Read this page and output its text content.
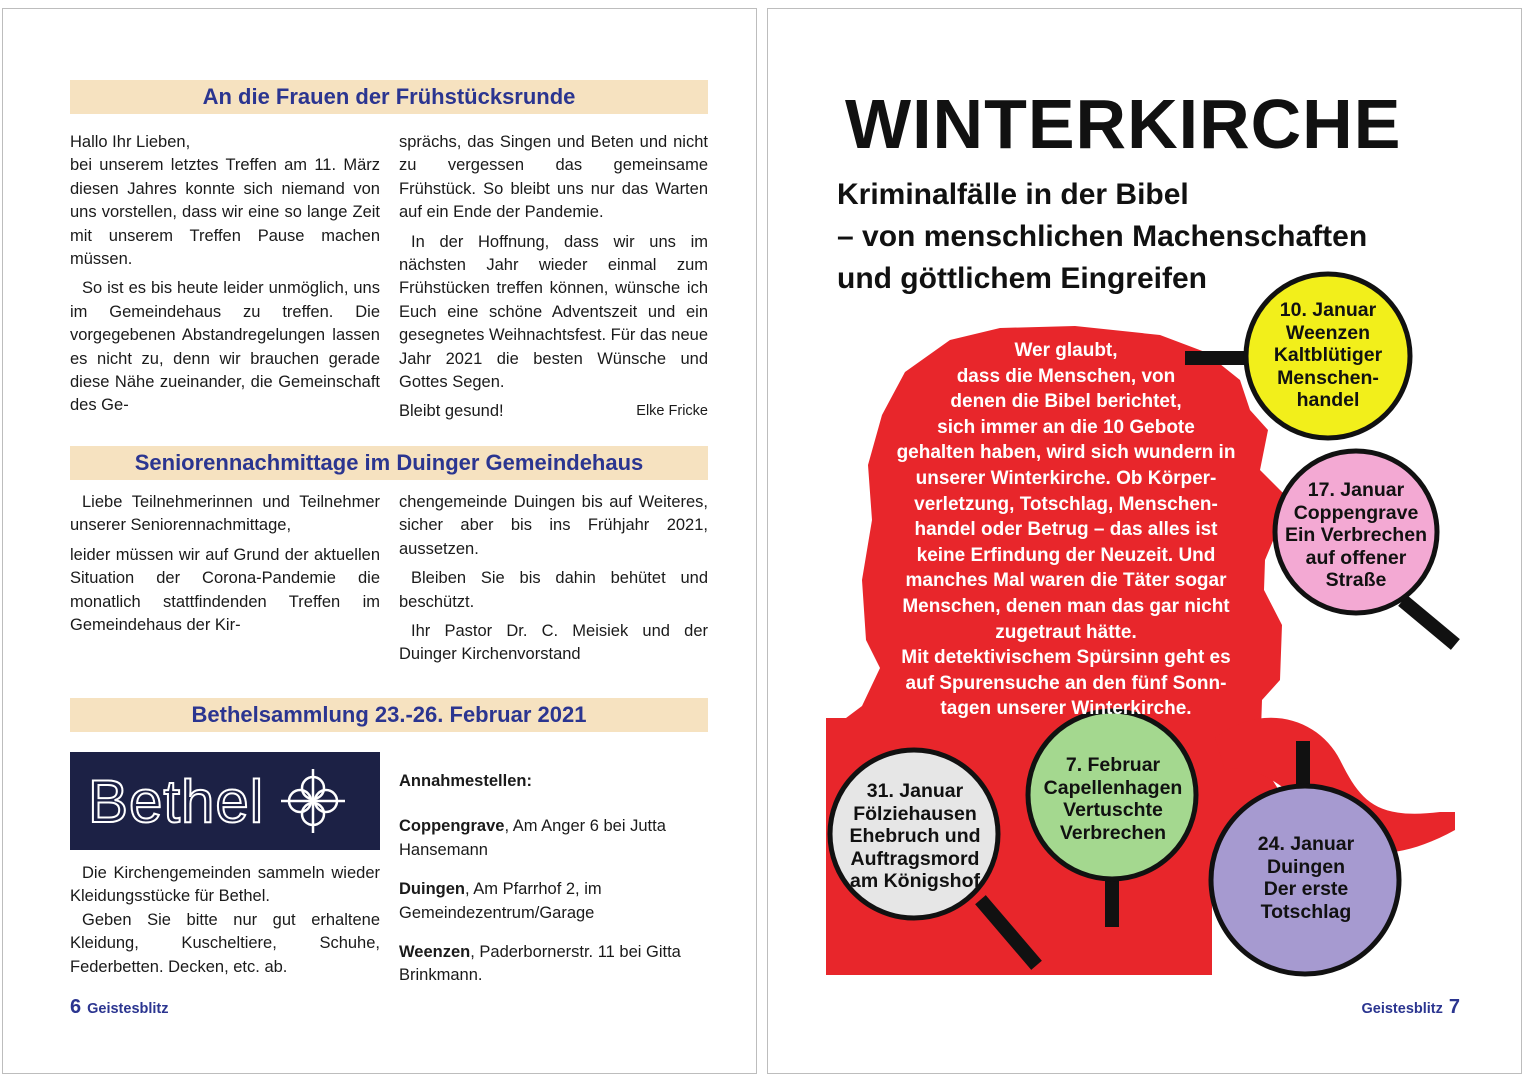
An die Frauen der Frühstücksrunde

Hallo Ihr Lieben,

bei unserem letztes Treffen am 11. März diesen Jahres konnte sich niemand von uns vorstellen, dass wir eine so lange Zeit mit unserem Treffen Pause machen müssen.

So ist es bis heute leider unmöglich, uns im Gemeindehaus zu treffen. Die vorgegebenen Abstandregelungen lassen es nicht zu, denn wir brauchen gerade diese Nähe zueinander, die Gemeinschaft des Ge-

sprächs, das Singen und Beten und nicht zu vergessen das gemeinsame Frühstück. So bleibt uns nur das Warten auf ein Ende der Pandemie.

In der Hoffnung, dass wir uns im nächsten Jahr wieder einmal zum Frühstücken treffen können, wünsche ich Euch eine schöne Adventszeit und ein gesegnetes Weihnachtsfest. Für das neue Jahr 2021 die besten Wünsche und Gottes Segen.

Bleibt gesund!	Elke Fricke

Seniorennachmittage im Duinger Gemeindehaus

Liebe Teilnehmerinnen und Teilnehmer unserer Seniorennachmittage,

leider müssen wir auf Grund der aktuellen Situation der Corona-Pandemie die monatlich stattfindenden Treffen im Gemeindehaus der Kir-

chengemeinde Duingen bis auf Weiteres, sicher aber bis ins Frühjahr 2021, aussetzen.

Bleiben Sie bis dahin behütet und beschützt.

Ihr Pastor Dr. C. Meisiek und der Duinger Kirchenvorstand

Bethelsammlung 23.-26. Februar 2021
Bethel

Die Kirchengemeinden sammeln wieder Kleidungsstücke für Bethel.

Geben Sie bitte nur gut erhaltene Kleidung, Kuscheltiere, Schuhe, Federbetten. Decken, etc. ab.

Annahmestellen:

Coppengrave, Am Anger 6 bei Jutta Hansemann

Duingen, Am Pfarrhof 2, im Gemeindezentrum/Garage

Weenzen, Paderbornerstr. 11 bei Gitta Brinkmann.

6 Geistesblitz
WINTERKIRCHE
Kriminalfälle in der Bibel
– von menschlichen Machenschaften
und göttlichem Eingreifen
Wer glaubt,
dass die Menschen, von
denen die Bibel berichtet,
sich immer an die 10 Gebote
gehalten haben, wird sich wundern in
unserer Winterkirche. Ob Körper-
verletzung, Totschlag, Menschen-
handel oder Betrug – das alles ist
keine Erfindung der Neuzeit. Und
manches Mal waren die Täter sogar
Menschen, denen man das gar nicht
zugetraut hätte.
Mit detektivischem Spürsinn geht es
auf Spurensuche an den fünf Sonn-
tagen unserer Winterkirche.
10. Januar
Weenzen
Kaltblütiger
Menschen-
handel
17. Januar
Coppengrave
Ein Verbrechen
auf offener
Straße
31. Januar
Fölziehausen
Ehebruch und
Auftragsmord
am Königshof
7. Februar
Capellenhagen
Vertuschte
Verbrechen
24. Januar
Duingen
Der erste
Totschlag
Geistesblitz 7
